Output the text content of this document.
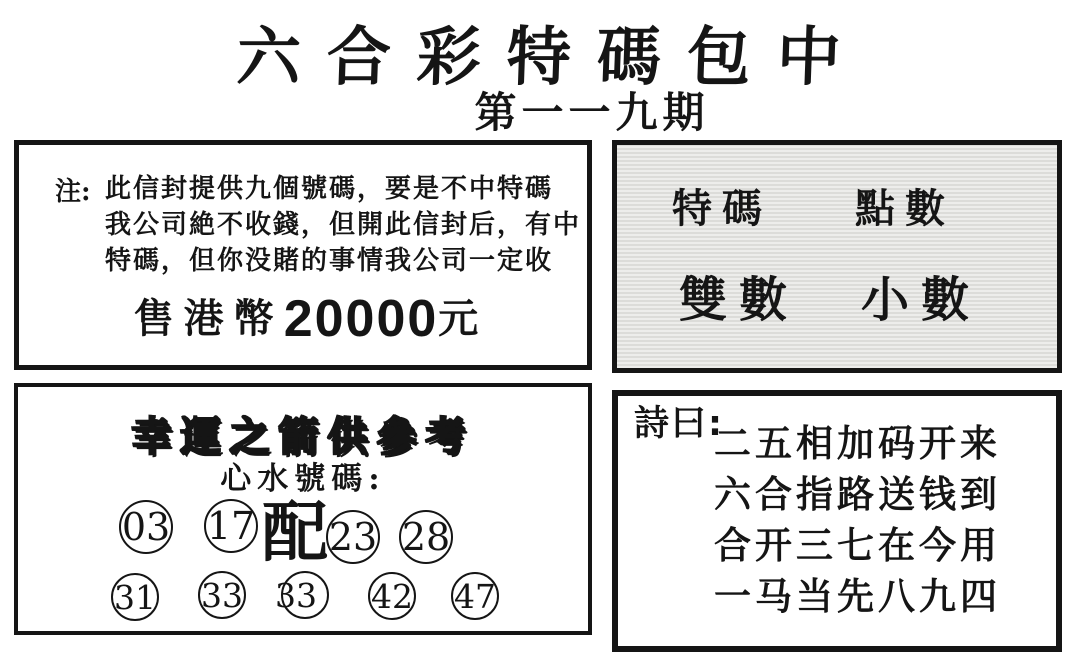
六合彩特碼包中
第一一九期
注: 此信封提供九個號碼，要是不中特碼
我公司絶不收錢，但開此信封后，有中
特碼，但你没賭的事情我公司一定收
售港幣20000元
特碼 點數
雙數 小數
幸運之箭供參考
心水號碼:
03 17 配 23 28
31 33 33 42 47
詩曰:
二五相加码开来
六合指路送钱到
合开三七在今用
一马当先八九四
